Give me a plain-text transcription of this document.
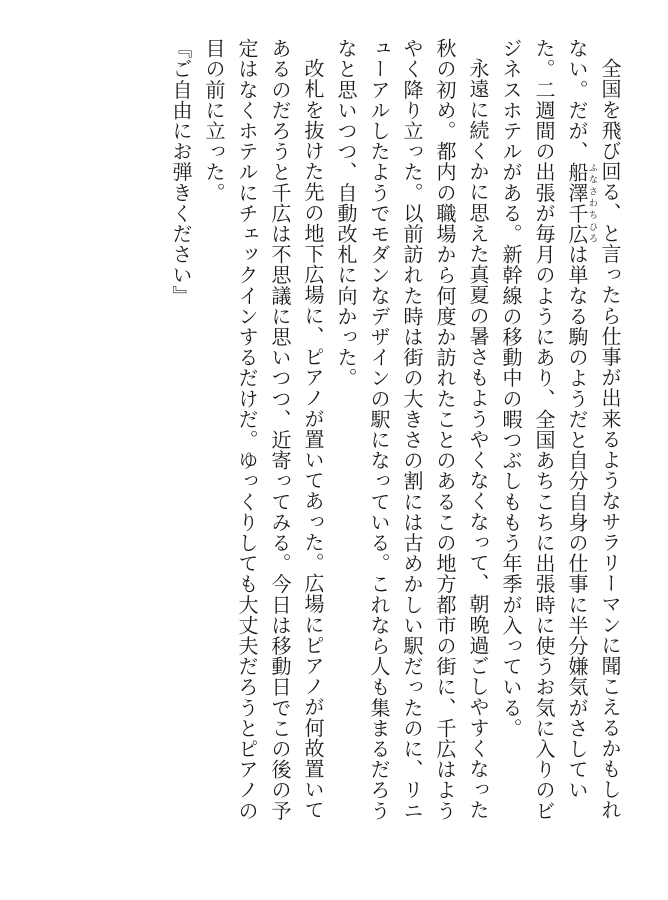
全国を飛び回る、と言ったら仕事が出来るようなサラリーマンに聞こえるかもしれない。だが、船澤千広ふなさわちひろは単なる駒のようだと自分自身の仕事に半分嫌気がさしていた。二週間の出張が毎月のようにあり、全国あちこちに出張時に使うお気に入りのビジネスホテルがある。新幹線の移動中の暇つぶしももう年季が入っている。

永遠に続くかに思えた真夏の暑さもようやくなくなって、朝晩過ごしやすくなった秋の初め。都内の職場から何度か訪れたことのあるこの地方都市の街に、千広はようやく降り立った。以前訪れた時は街の大きさの割には古めかしい駅だったのに、リニューアルしたようでモダンなデザインの駅になっている。これなら人も集まるだろうなと思いつつ、自動改札に向かった。

改札を抜けた先の地下広場に、ピアノが置いてあった。広場にピアノが何故置いてあるのだろうと千広は不思議に思いつつ、近寄ってみる。今日は移動日でこの後の予定はなくホテルにチェックインするだけだ。ゆっくりしても大丈夫だろうとピアノの目の前に立った。

『ご自由にお弾きください』
